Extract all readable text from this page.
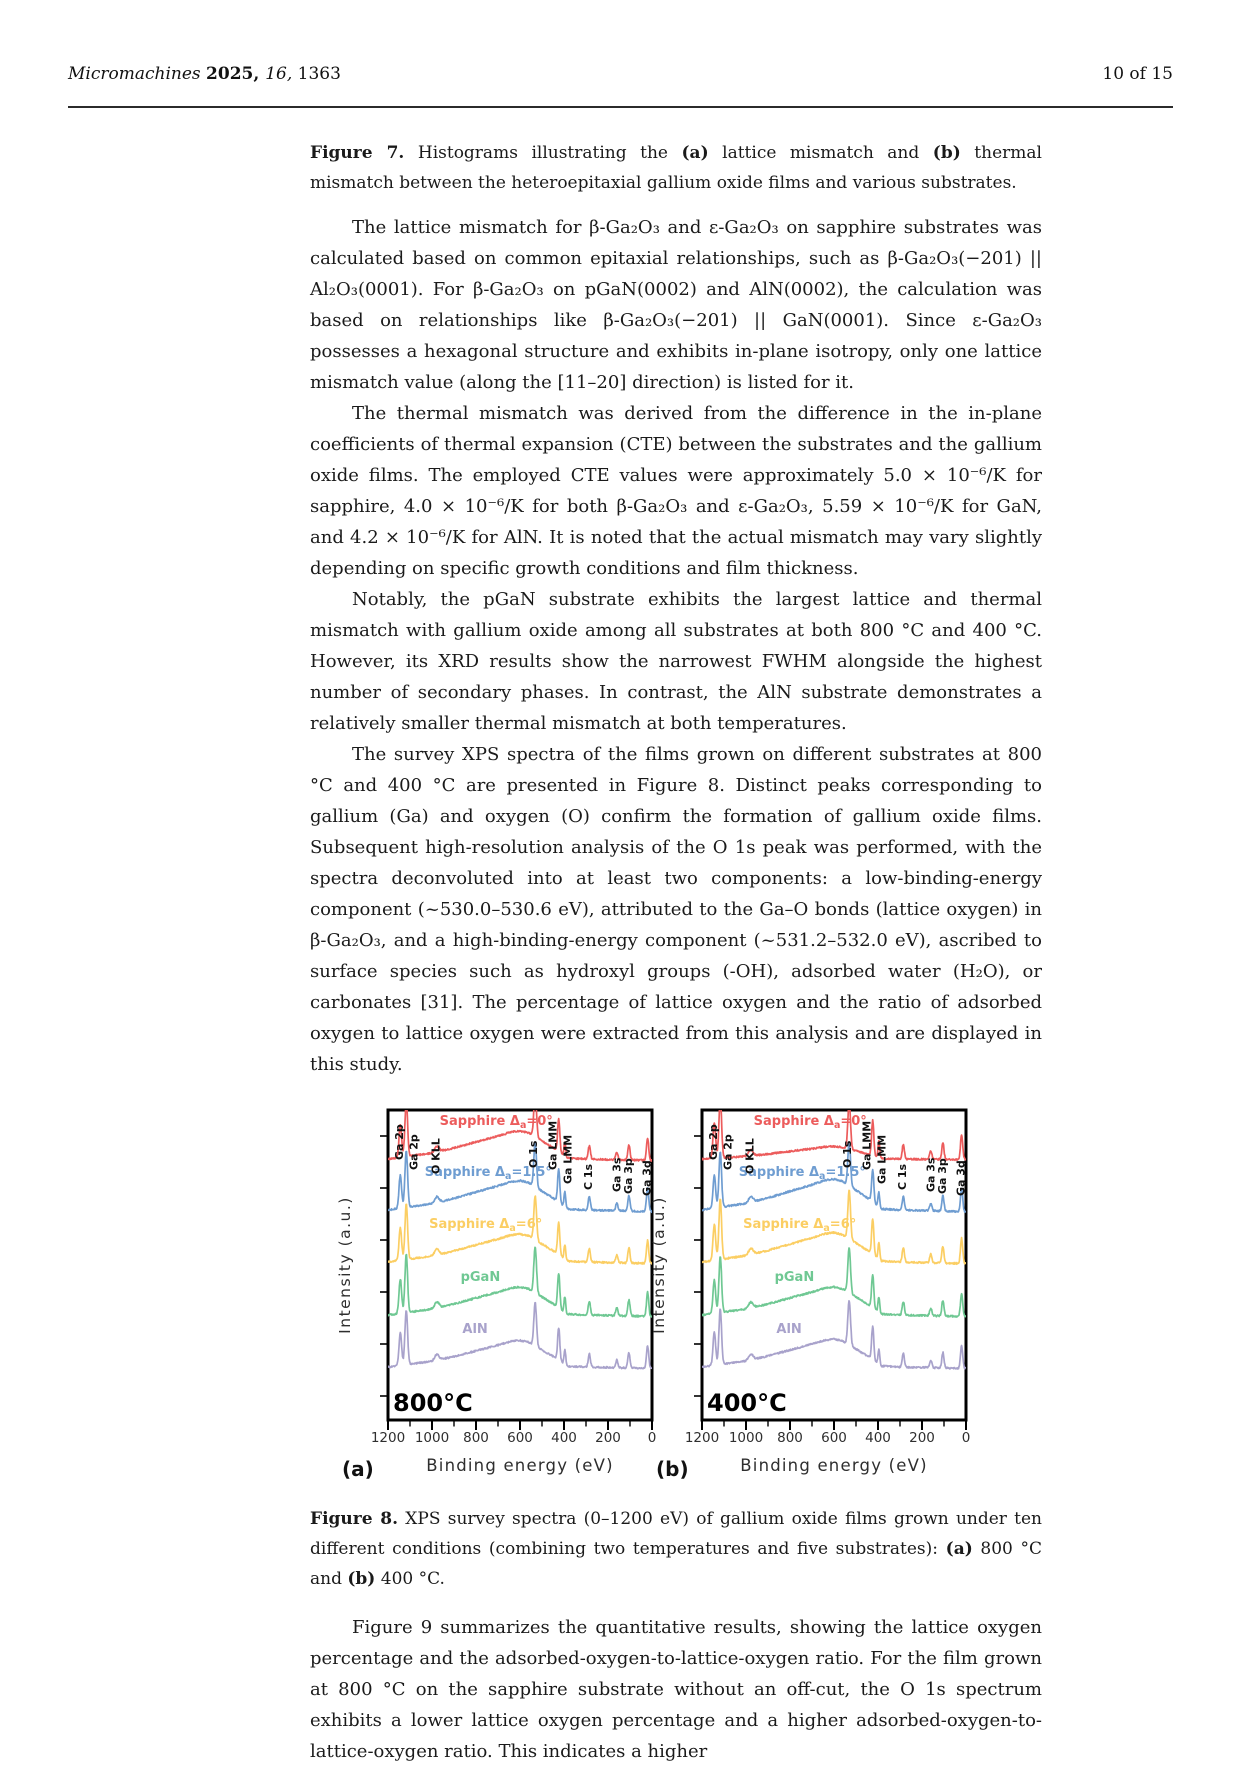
Micromachines 2025, 16, 1363	10 of 15

Figure 7. Histograms illustrating the (a) lattice mismatch and (b) thermal mismatch between the heteroepitaxial gallium oxide films and various substrates.

The lattice mismatch for β-Ga₂O₃ and ε-Ga₂O₃ on sapphire substrates was calculated based on common epitaxial relationships, such as β-Ga₂O₃(−201) || Al₂O₃(0001). For β-Ga₂O₃ on pGaN(0002) and AlN(0002), the calculation was based on relationships like β-Ga₂O₃(−201) || GaN(0001). Since ε-Ga₂O₃ possesses a hexagonal structure and exhibits in-plane isotropy, only one lattice mismatch value (along the [11–20] direction) is listed for it.

The thermal mismatch was derived from the difference in the in-plane coefficients of thermal expansion (CTE) between the substrates and the gallium oxide films. The employed CTE values were approximately 5.0 × 10⁻⁶/K for sapphire, 4.0 × 10⁻⁶/K for both β-Ga₂O₃ and ε-Ga₂O₃, 5.59 × 10⁻⁶/K for GaN, and 4.2 × 10⁻⁶/K for AlN. It is noted that the actual mismatch may vary slightly depending on specific growth conditions and film thickness.

Notably, the pGaN substrate exhibits the largest lattice and thermal mismatch with gallium oxide among all substrates at both 800 °C and 400 °C. However, its XRD results show the narrowest FWHM alongside the highest number of secondary phases. In contrast, the AlN substrate demonstrates a relatively smaller thermal mismatch at both temperatures.

The survey XPS spectra of the films grown on different substrates at 800 °C and 400 °C are presented in Figure 8. Distinct peaks corresponding to gallium (Ga) and oxygen (O) confirm the formation of gallium oxide films. Subsequent high-resolution analysis of the O 1s peak was performed, with the spectra deconvoluted into at least two components: a low-binding-energy component (~530.0–530.6 eV), attributed to the Ga–O bonds (lattice oxygen) in β-Ga₂O₃, and a high-binding-energy component (~531.2–532.0 eV), ascribed to surface species such as hydroxyl groups (-OH), adsorbed water (H₂O), or carbonates [31]. The percentage of lattice oxygen and the ratio of adsorbed oxygen to lattice oxygen were extracted from this analysis and are displayed in this study.

1200 1000 800 600 400 200 0
AlN
pGaN
Sapphire $\Delta_a=6^\circ$
Sapphire $\Delta_a=1.5^\circ$
Sapphire $\Delta_a=0^\circ$
Ga 2p Ga 2p O KLL	O 1s Ga LMM Ga LMM C 1s Ga 3s
Ga 3p Ga 3d
800°C
(a)	Binding energy (eV)
Intensity (a.u.)
1200 1000 800 600 400 200 0
AlN
pGaN
Sapphire $\Delta_a=6^\circ$
Sapphire $\Delta_a=1.5^\circ$
Sapphire $\Delta_a=0^\circ$
Ga 2p Ga 2p O KLL	O 1s Ga LMM Ga LMM C 1s Ga 3s
Ga 3p Ga 3d
400°C
(b)	Binding energy (eV)
Intensity (a.u.)

Figure 8. XPS survey spectra (0–1200 eV) of gallium oxide films grown under ten different conditions (combining two temperatures and five substrates): (a) 800 °C and (b) 400 °C.

Figure 9 summarizes the quantitative results, showing the lattice oxygen percentage and the adsorbed-oxygen-to-lattice-oxygen ratio. For the film grown at 800 °C on the sapphire substrate without an off-cut, the O 1s spectrum exhibits a lower lattice oxygen percentage and a higher adsorbed-oxygen-to-lattice-oxygen ratio. This indicates a higher
